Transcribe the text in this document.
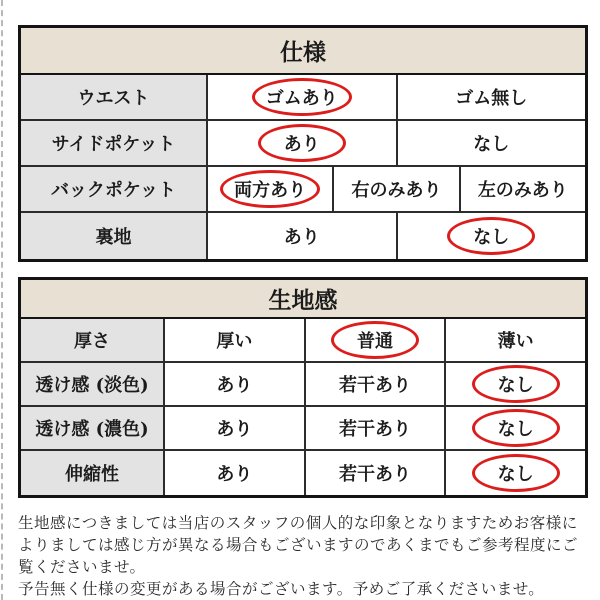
仕様
ウエスト	ゴムあり	ゴム無し
サイドポケット	あり	なし
バックポケット	両方あり	右のみあり 左のみあり
裏地	あり	なし
生地感
厚さ	厚い	普通	薄い
透け感 (淡色)	あり	若干あり	なし
透け感 (濃色)	あり	若干あり	なし
伸縮性	あり	若干あり	なし

生地感につきましては当店のスタッフの個人的な印象となりますためお客様によりましては感じ方が異なる場合もございますのであくまでもご参考程度にご覧くださいませ。

予告無く仕様の変更がある場合がございます。予めご了承くださいませ。
